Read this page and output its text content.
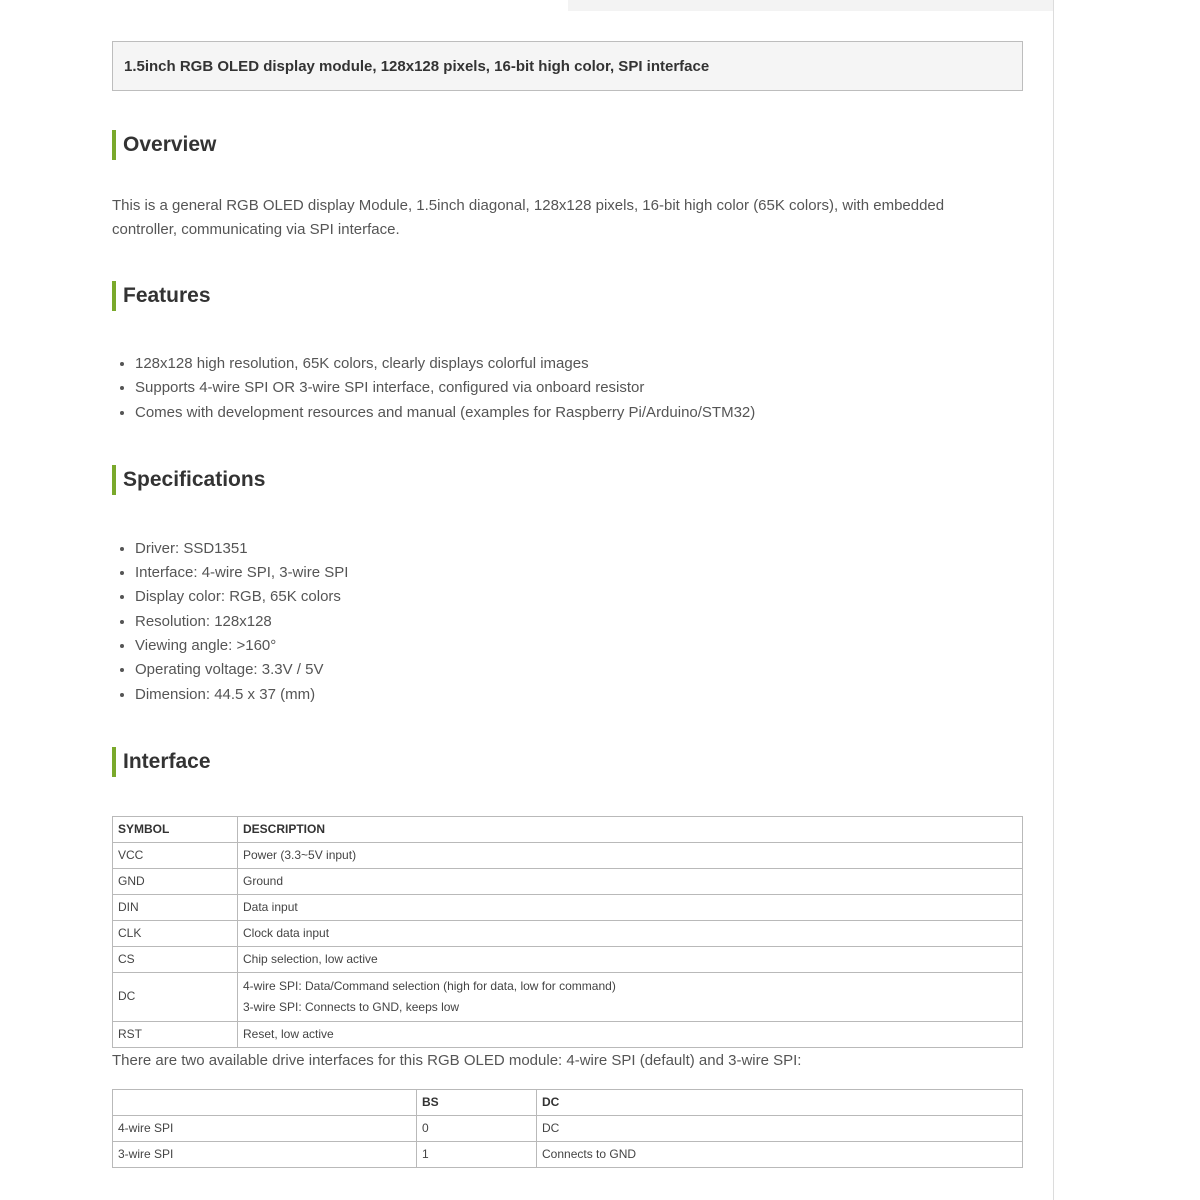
1.5inch RGB OLED display module, 128x128 pixels, 16-bit high color, SPI interface
Overview

This is a general RGB OLED display Module, 1.5inch diagonal, 128x128 pixels, 16-bit high color (65K colors), with embedded controller, communicating via SPI interface.

Features
• 128x128 high resolution, 65K colors, clearly displays colorful images
• Supports 4-wire SPI OR 3-wire SPI interface, configured via onboard resistor
• Comes with development resources and manual (examples for Raspberry Pi/Arduino/STM32)
Specifications
• Driver: SSD1351
• Interface: 4-wire SPI, 3-wire SPI
• Display color: RGB, 65K colors
• Resolution: 128x128
• Viewing angle: >160°
• Operating voltage: 3.3V / 5V
• Dimension: 44.5 x 37 (mm)
Interface
SYMBOL	DESCRIPTION
VCC	Power (3.3~5V input)
GND	Ground
DIN	Data input
CLK	Clock data input
CS	Chip selection, low active
DC	4-wire SPI: Data/Command selection (high for data, low for command)
3-wire SPI: Connects to GND, keeps low

RST	Reset, low active
There are two available drive interfaces for this RGB OLED module: 4-wire SPI (default) and 3-wire SPI:
	BS	DC
4-wire SPI	0	DC
3-wire SPI	1	Connects to GND
